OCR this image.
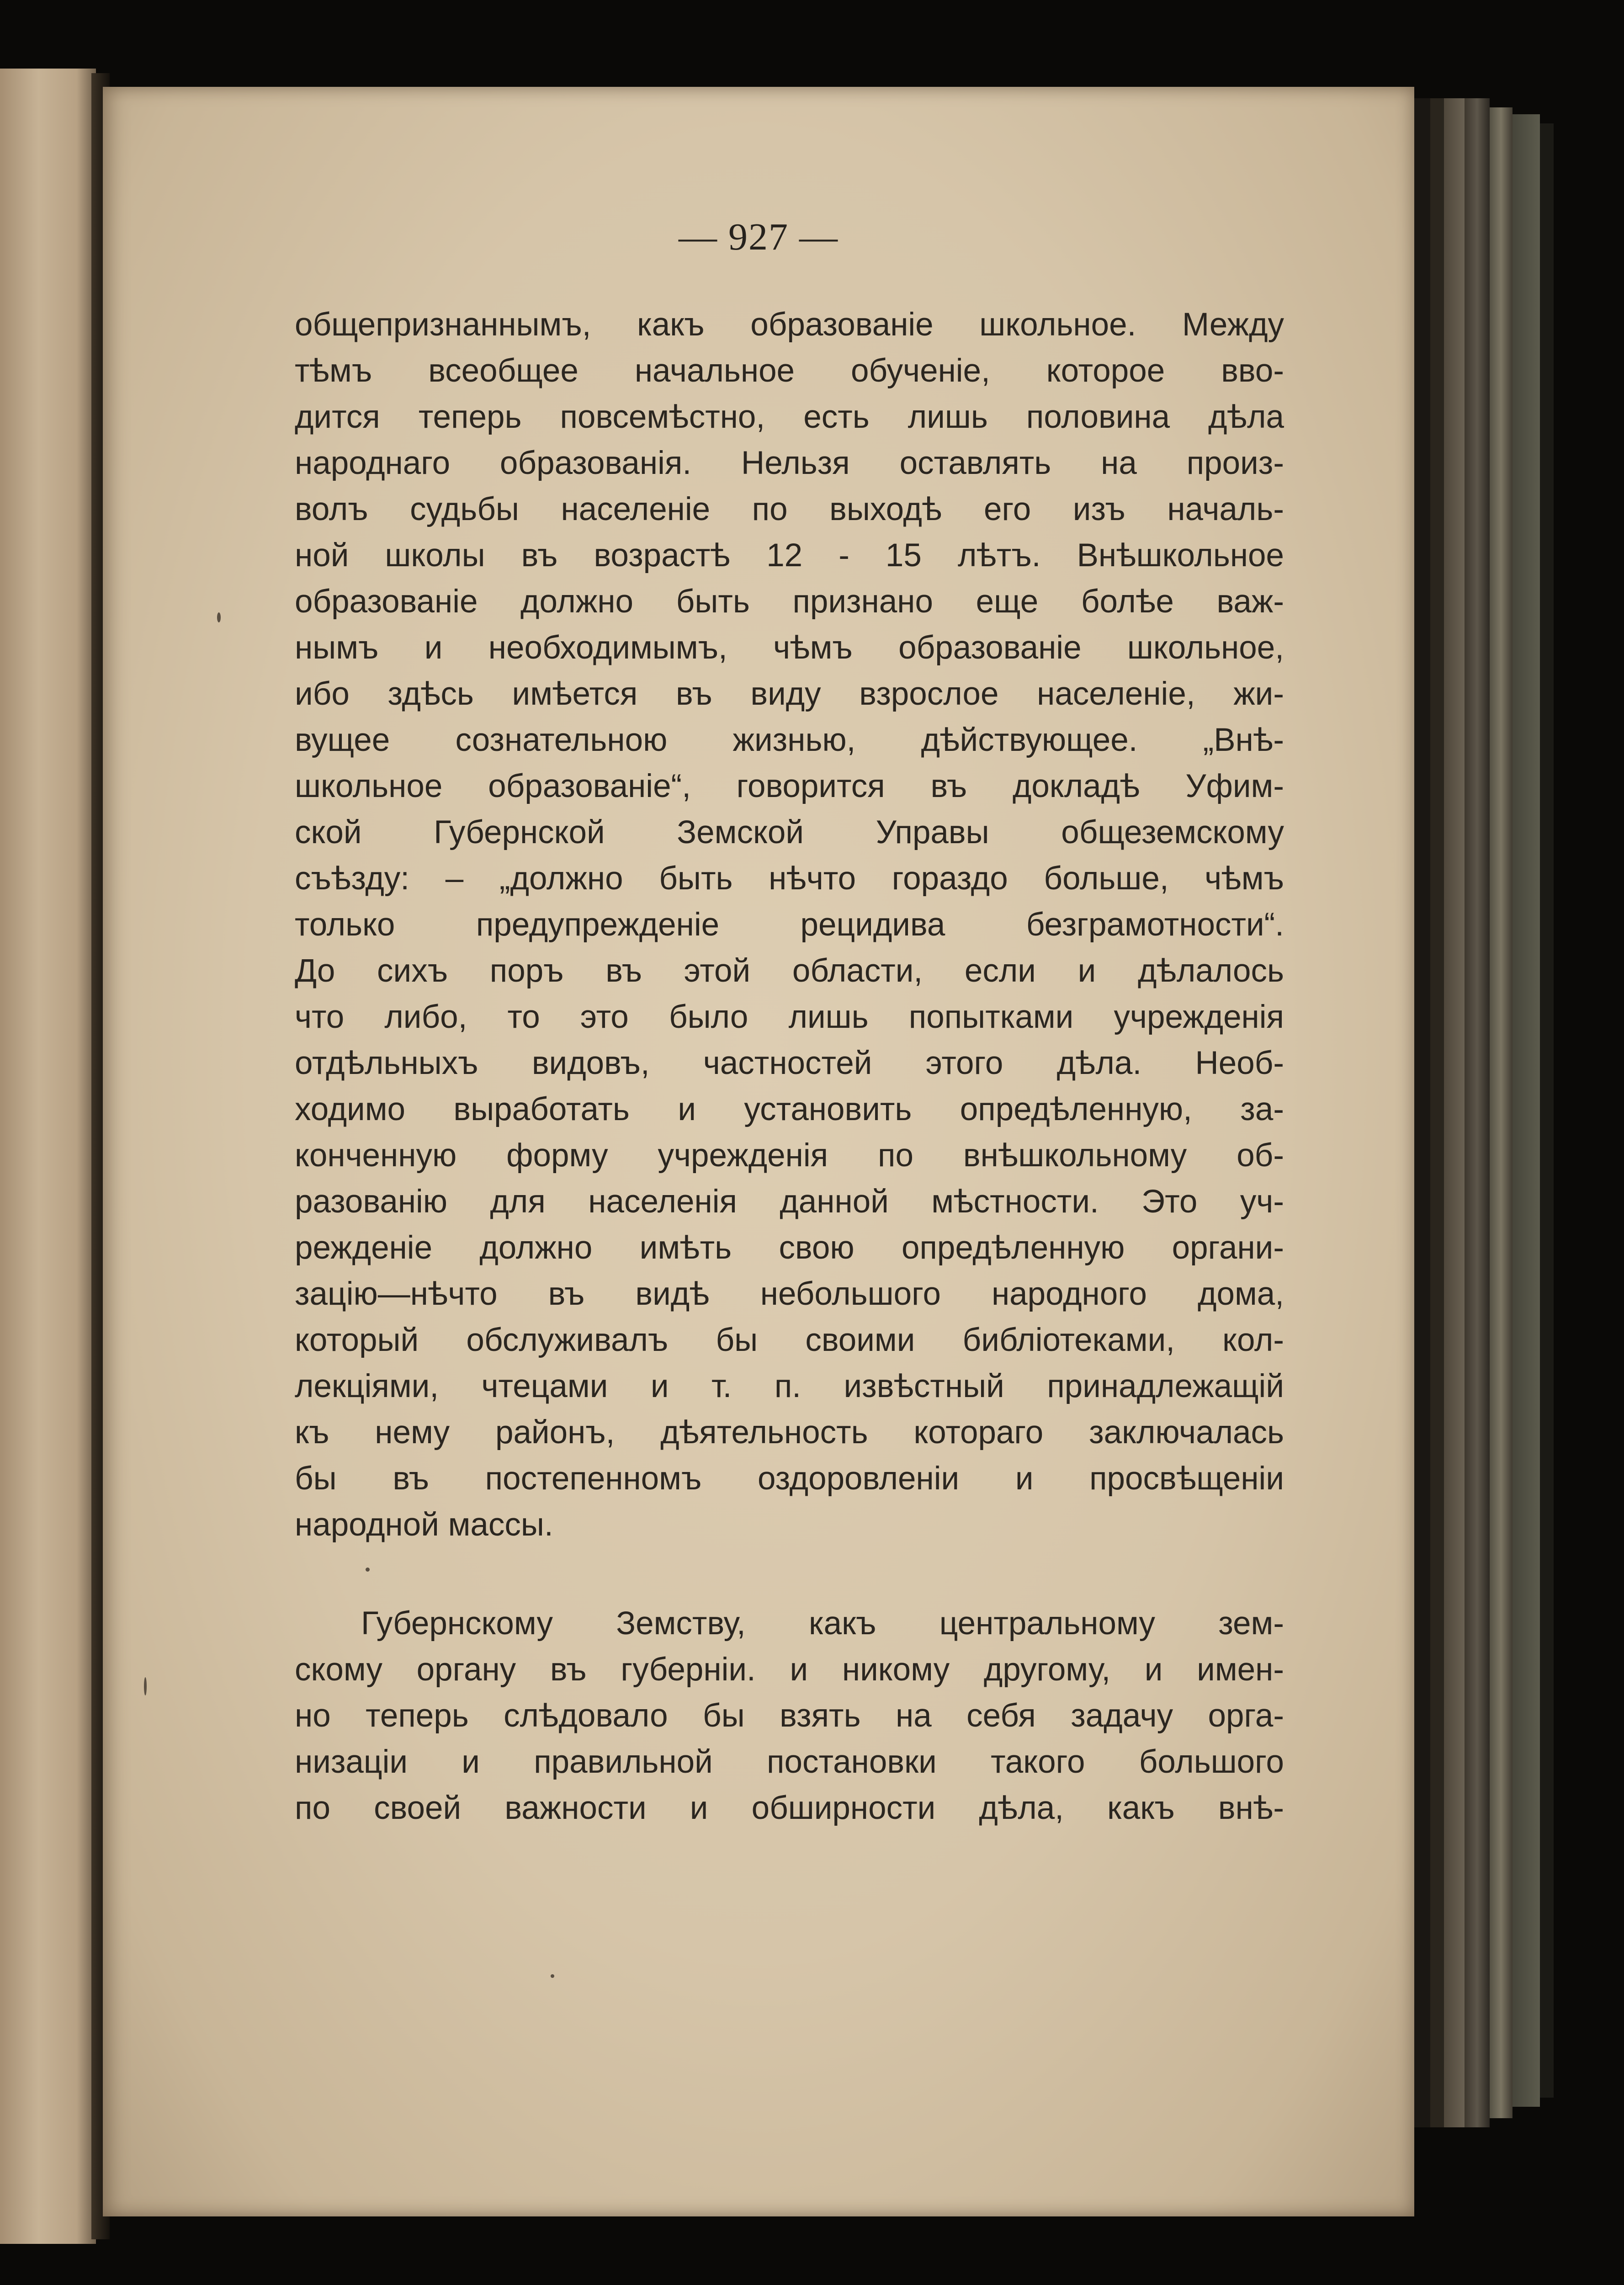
— 927 —
общепризнаннымъ, какъ образованіе школьное. Между
тѣмъ всеобщее начальное обученіе, которое вво-
дится теперь повсемѣстно, есть лишь половина дѣла
народнаго образованія. Нельзя оставлять на произ-
волъ судьбы населеніе по выходѣ его изъ началь-
ной школы въ возрастѣ 12 - 15 лѣтъ. Внѣшкольное
образованіе должно быть признано еще болѣе важ-
нымъ и необходимымъ, чѣмъ образованіе школьное,
ибо здѣсь имѣется въ виду взрослое населеніе, жи-
вущее сознательною жизнью, дѣйствующее. „Внѣ-
школьное образованіе“, говорится въ докладѣ Уфим-
ской Губернской Земской Управы общеземскому
съѣзду: – „должно быть нѣчто гораздо больше, чѣмъ
только предупрежденіе рецидива безграмотности“.
До сихъ поръ въ этой области, если и дѣлалось
что либо, то это было лишь попытками учрежденія
отдѣльныхъ видовъ, частностей этого дѣла. Необ-
ходимо выработать и установить опредѣленную, за-
конченную форму учрежденія по внѣшкольному об-
разованію для населенія данной мѣстности. Это уч-
режденіе должно имѣть свою опредѣленную органи-
зацію—нѣчто въ видѣ небольшого народного дома,
который обслуживалъ бы своими библіотеками, кол-
лекціями, чтецами и т. п. извѣстный принадлежащій
къ нему районъ, дѣятельность котораго заключалась
бы въ постепенномъ оздоровленіи и просвѣщеніи
народной массы.
Губернскому Земству, какъ центральному зем-
скому органу въ губерніи. и никому другому, и имен-
но теперь слѣдовало бы взять на себя задачу орга-
низаціи и правильной постановки такого большого
по своей важности и обширности дѣла, какъ внѣ-
